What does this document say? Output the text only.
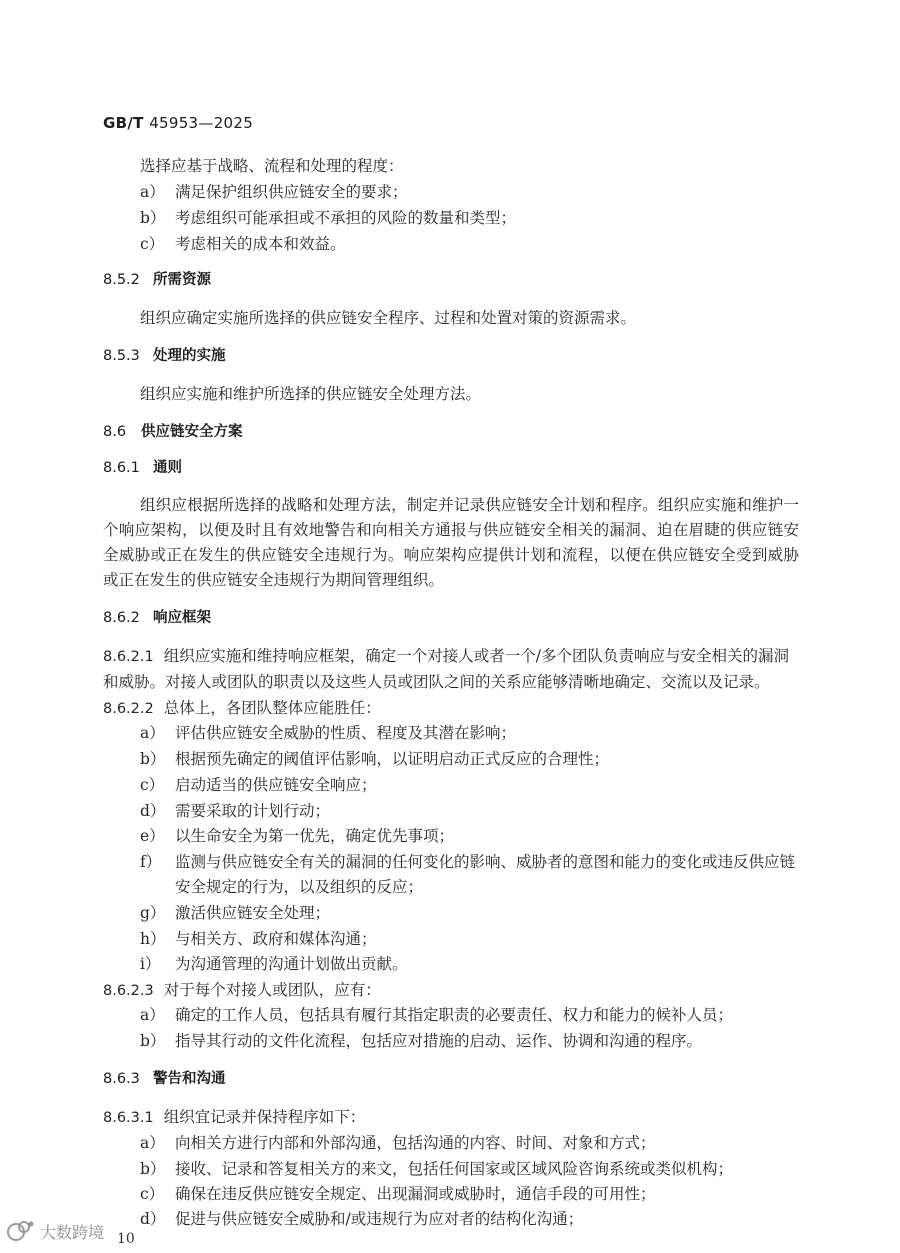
GB/T 45953—2025
选择应基于战略、流程和处理的程度：
a） 满足保护组织供应链安全的要求；
b） 考虑组织可能承担或不承担的风险的数量和类型；
c） 考虑相关的成本和效益。
8.5.2 所需资源
组织应确定实施所选择的供应链安全程序、过程和处置对策的资源需求。
8.5.3 处理的实施
组织应实施和维护所选择的供应链安全处理方法。
8.6 供应链安全方案
8.6.1 通则
组织应根据所选择的战略和处理方法，制定并记录供应链安全计划和程序。组织应实施和维护一
个响应架构，以便及时且有效地警告和向相关方通报与供应链安全相关的漏洞、迫在眉睫的供应链安
全威胁或正在发生的供应链安全违规行为。响应架构应提供计划和流程，以便在供应链安全受到威胁
或正在发生的供应链安全违规行为期间管理组织。
8.6.2 响应框架
8.6.2.1 组织应实施和维持响应框架，确定一个对接人或者一个/多个团队负责响应与安全相关的漏洞
和威胁。对接人或团队的职责以及这些人员或团队之间的关系应能够清晰地确定、交流以及记录。
8.6.2.2 总体上，各团队整体应能胜任：
a） 评估供应链安全威胁的性质、程度及其潜在影响；
b） 根据预先确定的阈值评估影响，以证明启动正式反应的合理性；
c） 启动适当的供应链安全响应；
d） 需要采取的计划行动；
e） 以生命安全为第一优先，确定优先事项；
f） 监测与供应链安全有关的漏洞的任何变化的影响、威胁者的意图和能力的变化或违反供应链
安全规定的行为，以及组织的反应；
g） 激活供应链安全处理；
h） 与相关方、政府和媒体沟通；
i） 为沟通管理的沟通计划做出贡献。
8.6.2.3 对于每个对接人或团队，应有：
a） 确定的工作人员，包括具有履行其指定职责的必要责任、权力和能力的候补人员；
b） 指导其行动的文件化流程，包括应对措施的启动、运作、协调和沟通的程序。
8.6.3 警告和沟通
8.6.3.1 组织宜记录并保持程序如下：
a） 向相关方进行内部和外部沟通，包括沟通的内容、时间、对象和方式；
b） 接收、记录和答复相关方的来文，包括任何国家或区域风险咨询系统或类似机构；
c） 确保在违反供应链安全规定、出现漏洞或威胁时，通信手段的可用性；
d） 促进与供应链安全威胁和/或违规行为应对者的结构化沟通；
大数跨境 10
